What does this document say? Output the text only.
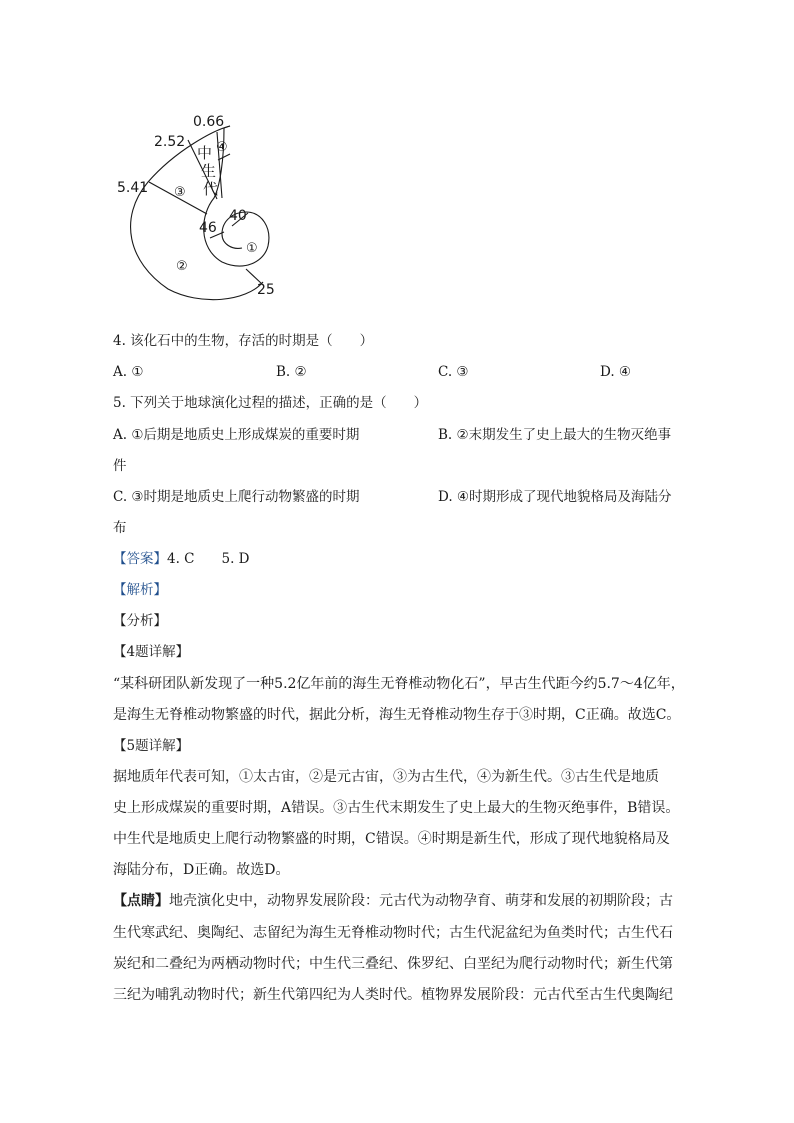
0.66
2.52
5.41
40
46
25
中
生
代
④
③
②
①
4. 该化石中的生物，存活的时期是（　　）
A. ①	B. ②	C. ③	D. ④
5. 下列关于地球演化过程的描述，正确的是（　　）
A. ①后期是地质史上形成煤炭的重要时期	B. ②末期发生了史上最大的生物灭绝事
件
C. ③时期是地质史上爬行动物繁盛的时期	D. ④时期形成了现代地貌格局及海陆分
布
【答案】4. C　　5. D
【解析】
【分析】
【4题详解】
“某科研团队新发现了一种5.2亿年前的海生无脊椎动物化石”，早古生代距今约5.7～4亿年，
是海生无脊椎动物繁盛的时代，据此分析，海生无脊椎动物生存于③时期，C正确。故选C。
【5题详解】
据地质年代表可知，①太古宙，②是元古宙，③为古生代，④为新生代。③古生代是地质
史上形成煤炭的重要时期，A错误。③古生代末期发生了史上最大的生物灭绝事件，B错误。
中生代是地质史上爬行动物繁盛的时期，C错误。④时期是新生代，形成了现代地貌格局及
海陆分布，D正确。故选D。
【点睛】地壳演化史中，动物界发展阶段：元古代为动物孕育、萌芽和发展的初期阶段；古
生代寒武纪、奥陶纪、志留纪为海生无脊椎动物时代；古生代泥盆纪为鱼类时代；古生代石
炭纪和二叠纪为两栖动物时代；中生代三叠纪、侏罗纪、白垩纪为爬行动物时代；新生代第
三纪为哺乳动物时代；新生代第四纪为人类时代。植物界发展阶段：元古代至古生代奥陶纪
